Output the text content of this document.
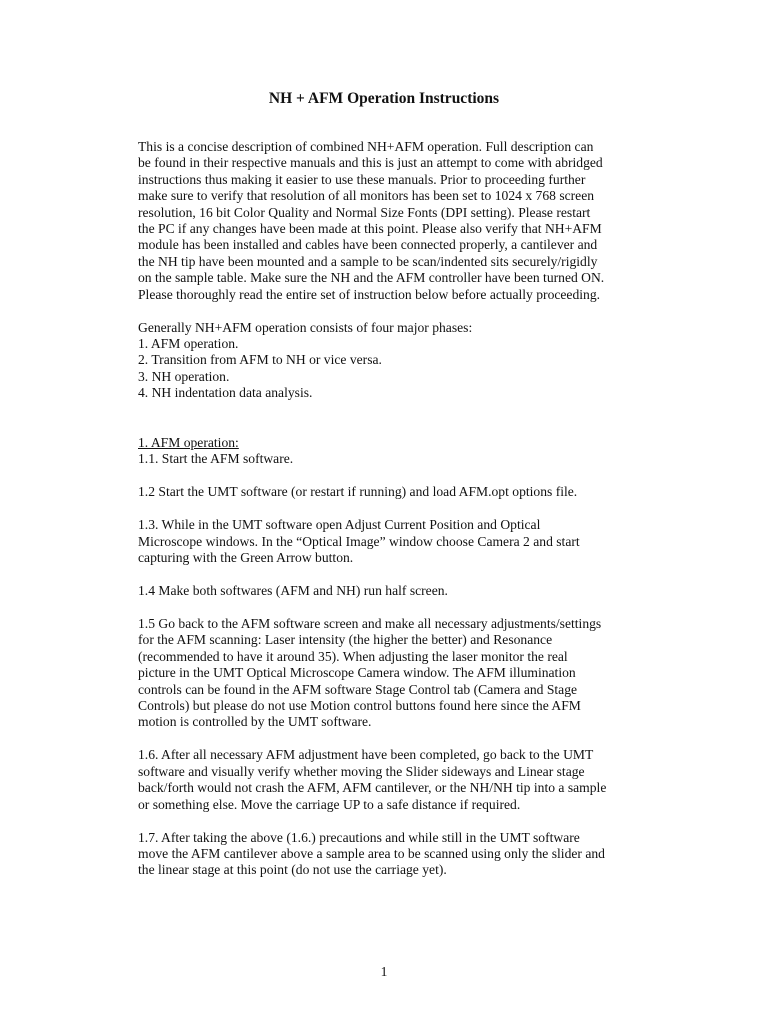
NH + AFM Operation Instructions

This is a concise description of combined NH+AFM operation. Full description can
be found in their respective manuals and this is just an attempt to come with abridged
instructions thus making it easier to use these manuals. Prior to proceeding further
make sure to verify that resolution of all monitors has been set to 1024 x 768 screen
resolution, 16 bit Color Quality and Normal Size Fonts (DPI setting). Please restart
the PC if any changes have been made at this point. Please also verify that NH+AFM
module has been installed and cables have been connected properly, a cantilever and
the NH tip have been mounted and a sample to be scan/indented sits securely/rigidly
on the sample table. Make sure the NH and the AFM controller have been turned ON.
Please thoroughly read the entire set of instruction below before actually proceeding.

Generally NH+AFM operation consists of four major phases:
1. AFM operation.
2. Transition from AFM to NH or vice versa.
3. NH operation.
4. NH indentation data analysis.

1. AFM operation:
1.1. Start the AFM software.

1.2 Start the UMT software (or restart if running) and load AFM.opt options file.

1.3. While in the UMT software open Adjust Current Position and Optical
Microscope windows. In the “Optical Image” window choose Camera 2 and start
capturing with the Green Arrow button.

1.4 Make both softwares (AFM and NH) run half screen.

1.5 Go back to the AFM software screen and make all necessary adjustments/settings
for the AFM scanning: Laser intensity (the higher the better) and Resonance
(recommended to have it around 35). When adjusting the laser monitor the real
picture in the UMT Optical Microscope Camera window. The AFM illumination
controls can be found in the AFM software Stage Control tab (Camera and Stage
Controls) but please do not use Motion control buttons found here since the AFM
motion is controlled by the UMT software.

1.6. After all necessary AFM adjustment have been completed, go back to the UMT
software and visually verify whether moving the Slider sideways and Linear stage
back/forth would not crash the AFM, AFM cantilever, or the NH/NH tip into a sample
or something else. Move the carriage UP to a safe distance if required.

1.7. After taking the above (1.6.) precautions and while still in the UMT software
move the AFM cantilever above a sample area to be scanned using only the slider and
the linear stage at this point (do not use the carriage yet).

1
